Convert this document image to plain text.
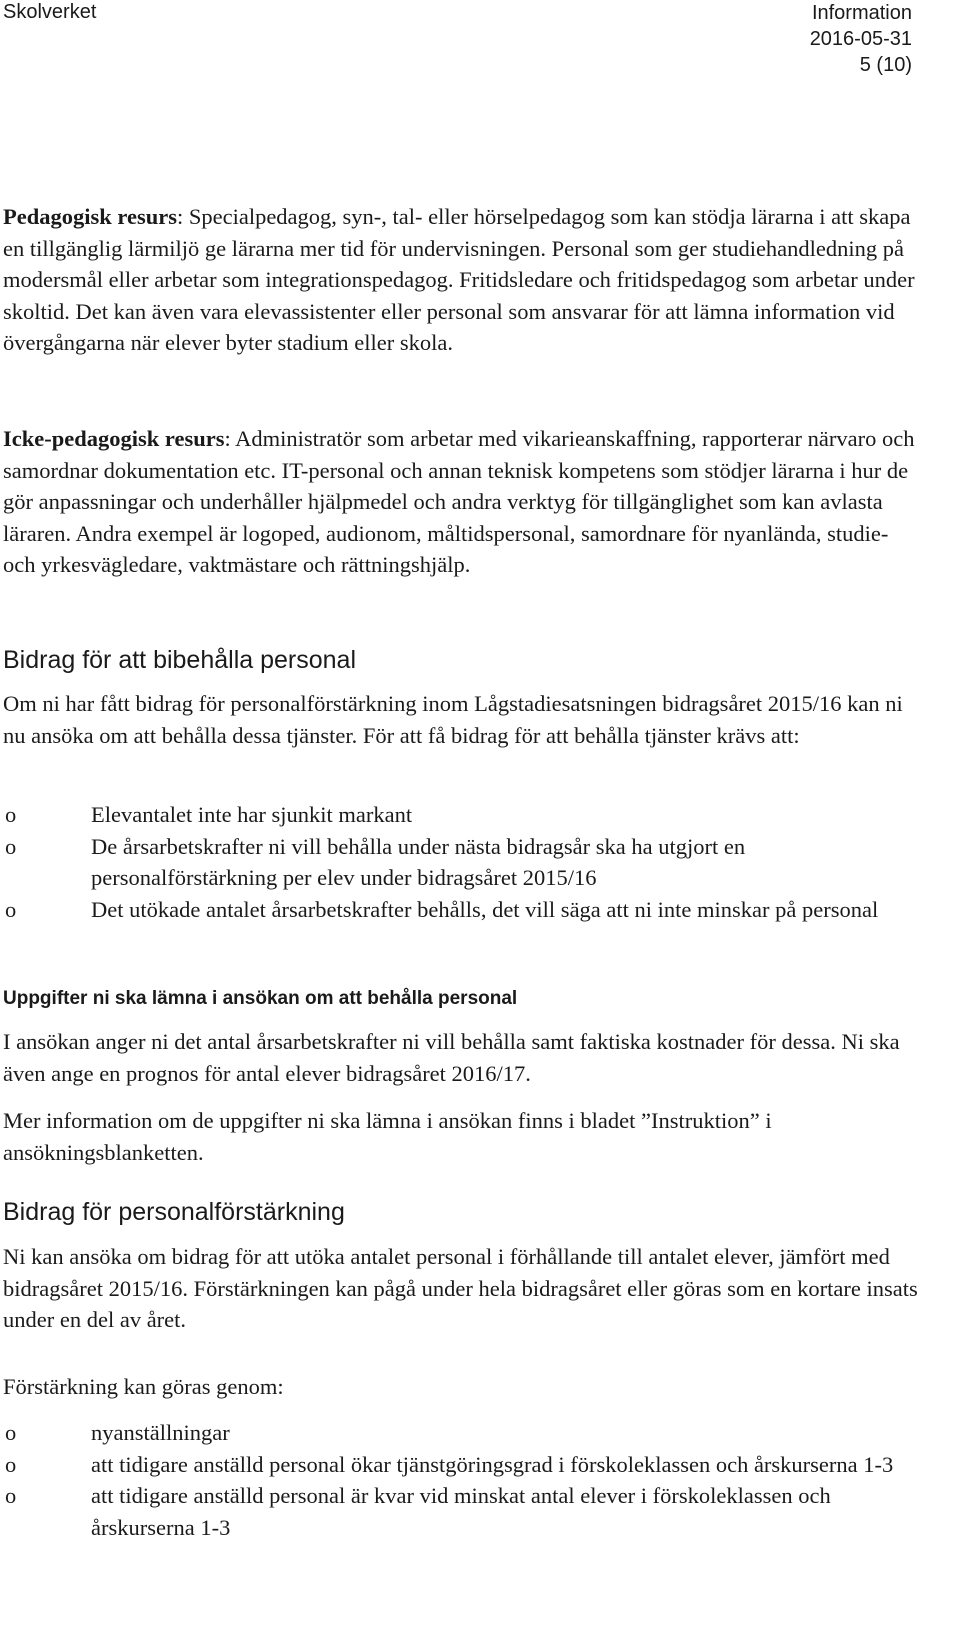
Skolverket	Information
2016-05-31
5 (10)

Pedagogisk resurs: Specialpedagog, syn-, tal- eller hörselpedagog som kan stödja lärarna i att skapa en tillgänglig lärmiljö ge lärarna mer tid för undervisningen. Personal som ger studiehandledning på modersmål eller arbetar som integrationspedagog. Fritidsledare och fritidspedagog som arbetar under skoltid. Det kan även vara elevassistenter eller personal som ansvarar för att lämna information vid övergångarna när elever byter stadium eller skola.

Icke-pedagogisk resurs: Administratör som arbetar med vikarieanskaffning, rapporterar närvaro och samordnar dokumentation etc. IT-personal och annan teknisk kompetens som stödjer lärarna i hur de gör anpassningar och underhåller hjälpmedel och andra verktyg för tillgänglighet som kan avlasta läraren. Andra exempel är logoped, audionom, måltidspersonal, samordnare för nyanlända, studie- och yrkesvägledare, vaktmästare och rättningshjälp.

Bidrag för att bibehålla personal

Om ni har fått bidrag för personalförstärkning inom Lågstadiesatsningen bidragsåret 2015/16 kan ni nu ansöka om att behålla dessa tjänster. För att få bidrag för att behålla tjänster krävs att:

o	Elevantalet inte har sjunkit markant
o	De årsarbetskrafter ni vill behålla under nästa bidragsår ska ha utgjort en personalförstärkning per elev under bidragsåret 2015/16
o	Det utökade antalet årsarbetskrafter behålls, det vill säga att ni inte minskar på personal
Uppgifter ni ska lämna i ansökan om att behålla personal

I ansökan anger ni det antal årsarbetskrafter ni vill behålla samt faktiska kostnader för dessa. Ni ska även ange en prognos för antal elever bidragsåret 2016/17.

Mer information om de uppgifter ni ska lämna i ansökan finns i bladet ”Instruktion” i ansökningsblanketten.

Bidrag för personalförstärkning

Ni kan ansöka om bidrag för att utöka antalet personal i förhållande till antalet elever, jämfört med bidragsåret 2015/16. Förstärkningen kan pågå under hela bidragsåret eller göras som en kortare insats under en del av året.

Förstärkning kan göras genom:

o	nyanställningar
o	att tidigare anställd personal ökar tjänstgöringsgrad i förskoleklassen och årskurserna 1-3
o	att tidigare anställd personal är kvar vid minskat antal elever i förskoleklassen och årskurserna 1-3
